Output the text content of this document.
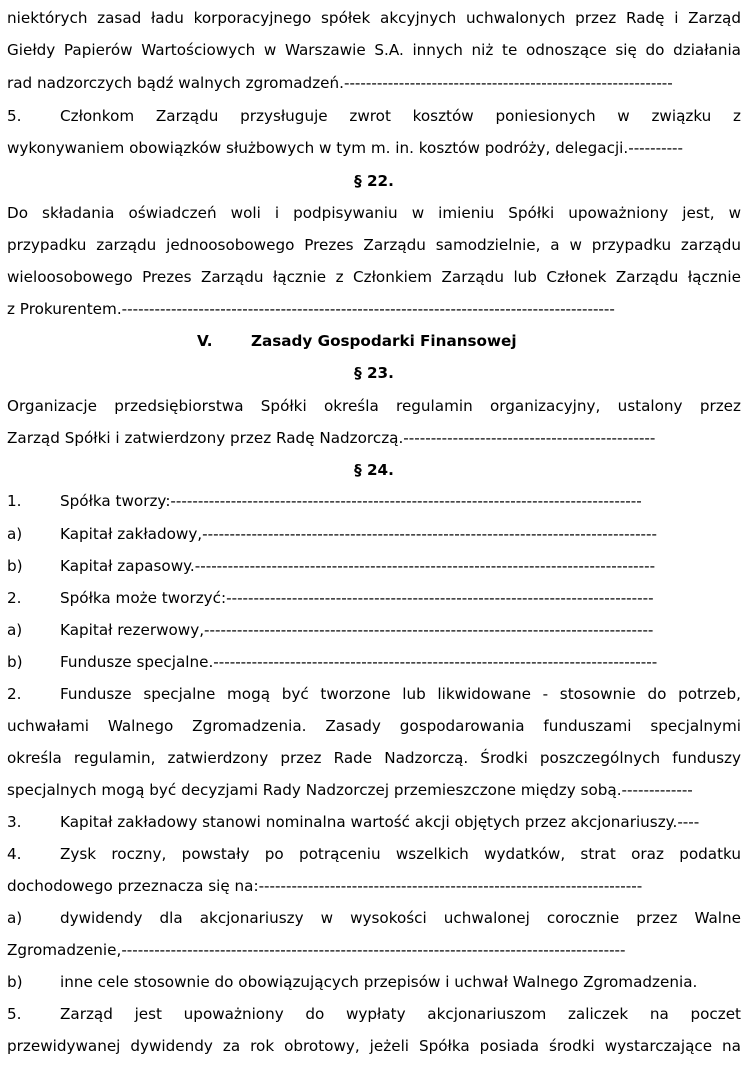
niektórych zasad ładu korporacyjnego spółek akcyjnych uchwalonych przez Radę i Zarząd
Giełdy Papierów Wartościowych w Warszawie S.A. innych niż te odnoszące się do działania
rad nadzorczych bądź walnych zgromadzeń.------------------------------------------------------------
5.	Członkom Zarządu przysługuje zwrot kosztów poniesionych w związku z
wykonywaniem obowiązków służbowych w tym m. in. kosztów podróży, delegacji.----------
§ 22.
Do składania oświadczeń woli i podpisywaniu w imieniu Spółki upoważniony jest, w
przypadku zarządu jednoosobowego Prezes Zarządu samodzielnie, a w przypadku zarządu
wieloosobowego Prezes Zarządu łącznie z Członkiem Zarządu lub Członek Zarządu łącznie
z Prokurentem.------------------------------------------------------------------------------------------
V.	Zasady Gospodarki Finansowej
§ 23.
Organizacje przedsiębiorstwa Spółki określa regulamin organizacyjny, ustalony przez
Zarząd Spółki i zatwierdzony przez Radę Nadzorczą.----------------------------------------------
§ 24.
1.	Spółka tworzy:--------------------------------------------------------------------------------------
a) Kapitał zakładowy,-----------------------------------------------------------------------------------
b) Kapitał zapasowy.------------------------------------------------------------------------------------
2.	Spółka może tworzyć:------------------------------------------------------------------------------
a) Kapitał rezerwowy,----------------------------------------------------------------------------------
b) Fundusze specjalne.---------------------------------------------------------------------------------
2.	Fundusze specjalne mogą być tworzone lub likwidowane - stosownie do potrzeb,
uchwałami Walnego Zgromadzenia. Zasady gospodarowania funduszami specjalnymi
określa regulamin, zatwierdzony przez Rade Nadzorczą. Środki poszczególnych funduszy
specjalnych mogą być decyzjami Rady Nadzorczej przemieszczone między sobą.-------------
3.	Kapitał zakładowy stanowi nominalna wartość akcji objętych przez akcjonariuszy.----
4.	Zysk roczny, powstały po potrąceniu wszelkich wydatków, strat oraz podatku
dochodowego przeznacza się na:----------------------------------------------------------------------
a) dywidendy dla akcjonariuszy w wysokości uchwalonej corocznie przez Walne
Zgromadzenie,--------------------------------------------------------------------------------------------
b) inne cele stosownie do obowiązujących przepisów i uchwał Walnego Zgromadzenia.
5.	Zarząd jest upoważniony do wypłaty akcjonariuszom zaliczek na poczet
przewidywanej dywidendy za rok obrotowy, jeżeli Spółka posiada środki wystarczające na
